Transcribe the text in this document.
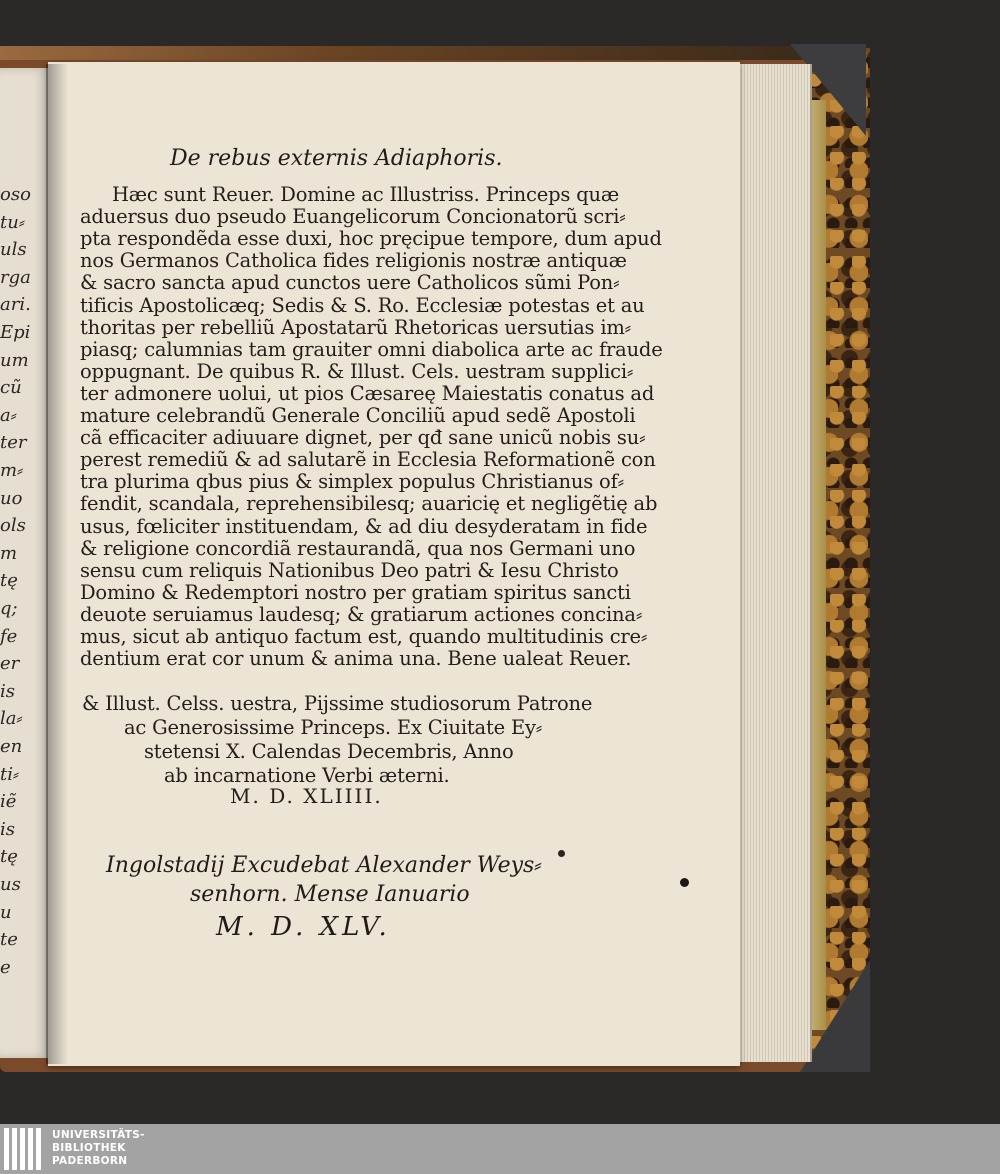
oso
tu⸗
uls
rga
ari.
Epi
um
cũ
a⸗
ter
m⸗
uo
ols
m
tę
q;
fe
er
is
la⸗
en
ti⸗
iẽ
is
tę
us
u
te
e
De rebus externis Adiaphoris.
Hæc sunt Reuer. Domine ac Illustriss. Princeps quæ
aduersus duo pseudo Euangelicorum Concionatorũ scri⸗
pta respondẽda esse duxi, hoc pręcipue tempore, dum apud
nos Germanos Catholica fides religionis nostræ antiquæ
& sacro sancta apud cunctos uere Catholicos sũmi Pon⸗
tificis Apostolicæq; Sedis & S. Ro. Ecclesiæ potestas et au
thoritas per rebelliũ Apostatarũ Rhetoricas uersutias im⸗
piasq; calumnias tam grauiter omni diabolica arte ac fraude
oppugnant. De quibus R. & Illust. Cels. uestram supplici⸗
ter admonere uolui, ut pios Cæsareę Maiestatis conatus ad
mature celebrandũ Generale Conciliũ apud sedẽ Apostoli
cã efficaciter adiuuare dignet, per qđ sane unicũ nobis su⸗
perest remediũ & ad salutarẽ in Ecclesia Reformationẽ con
tra plurima qbus pius & simplex populus Christianus of⸗
fendit, scandala, reprehensibilesq; auaricię et negligẽtię ab
usus, fœliciter instituendam, & ad diu desyderatam in fide
& religione concordiã restaurandã, qua nos Germani uno
sensu cum reliquis Nationibus Deo patri & Iesu Christo
Domino & Redemptori nostro per gratiam spiritus sancti
deuote seruiamus laudesq; & gratiarum actiones concina⸗
mus, sicut ab antiquo factum est, quando multitudinis cre⸗
dentium erat cor unum & anima una. Bene ualeat Reuer.
& Illust. Celss. uestra, Pijssime studiosorum Patrone
ac Generosissime Princeps. Ex Ciuitate Ey⸗
stetensi X. Calendas Decembris, Anno
ab incarnatione Verbi æterni.
M. D. XLIIII.
Ingolstadij Excudebat Alexander Weys⸗
senhorn. Mense Ianuario
M. D. XLV.
UNIVERSITÄTS-
BIBLIOTHEK
PADERBORN
